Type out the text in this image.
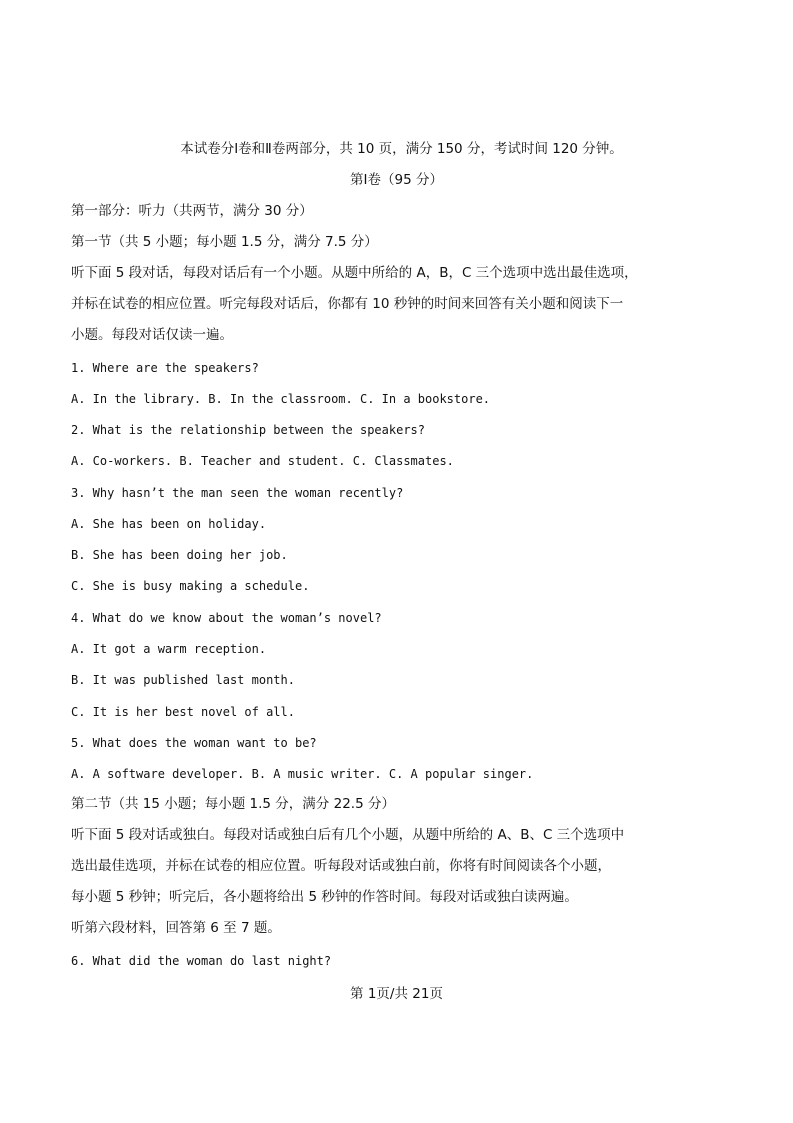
本试卷分Ⅰ卷和Ⅱ卷两部分，共 10 页，满分 150 分，考试时间 120 分钟。
第Ⅰ卷（95 分）
第一部分：听力（共两节，满分 30 分）
第一节（共 5 小题；每小题 1.5 分，满分 7.5 分）
听下面 5 段对话，每段对话后有一个小题。从题中所给的 A，B，C 三个选项中选出最佳选项，
并标在试卷的相应位置。听完每段对话后，你都有 10 秒钟的时间来回答有关小题和阅读下一
小题。每段对话仅读一遍。
1. Where are the speakers?
A. In the library. B. In the classroom. C. In a bookstore.
2. What is the relationship between the speakers?
A. Co-workers. B. Teacher and student. C. Classmates.
3. Why hasn’t the man seen the woman recently?
A. She has been on holiday.
B. She has been doing her job.
C. She is busy making a schedule.
4. What do we know about the woman’s novel?
A. It got a warm reception.
B. It was published last month.
C. It is her best novel of all.
5. What does the woman want to be?
A. A software developer. B. A music writer. C. A popular singer.
第二节（共 15 小题；每小题 1.5 分，满分 22.5 分）
听下面 5 段对话或独白。每段对话或独白后有几个小题，从题中所给的 A、B、C 三个选项中
选出最佳选项，并标在试卷的相应位置。听每段对话或独白前，你将有时间阅读各个小题，
每小题 5 秒钟；听完后，各小题将给出 5 秒钟的作答时间。每段对话或独白读两遍。
听第六段材料，回答第 6 至 7 题。
6. What did the woman do last night?
第 1页/共 21页
